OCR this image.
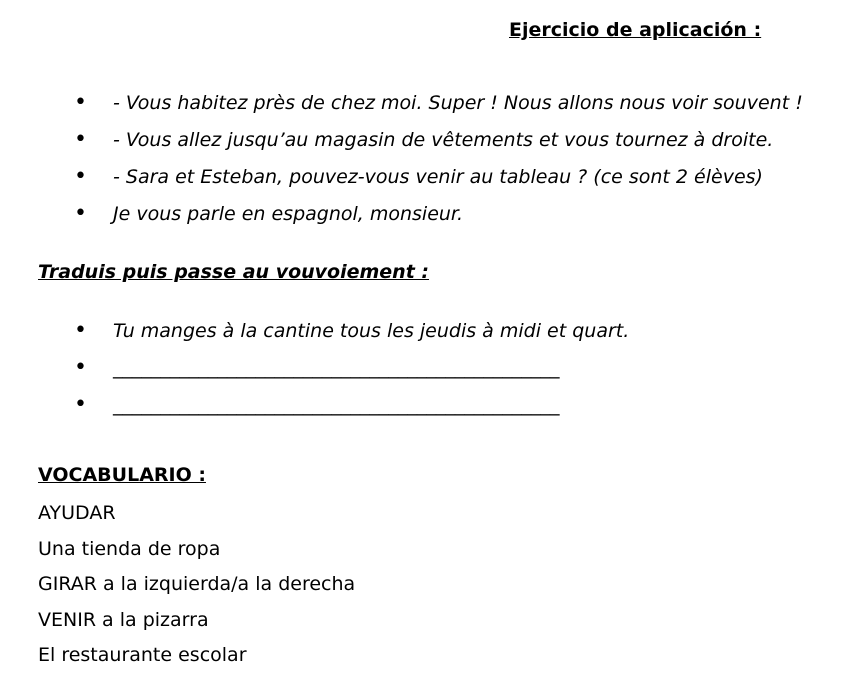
Ejercicio de aplicación :
• - Vous habitez près de chez moi. Super ! Nous allons nous voir souvent !
• - Vous allez jusqu’au magasin de vêtements et vous tournez à droite.
• - Sara et Esteban, pouvez-vous venir au tableau ? (ce sont 2 élèves)
• Je vous parle en espagnol, monsieur.
Traduis puis passe au vouvoiement :
• Tu manges à la cantine tous les jeudis à midi et quart.
• _______________________________________________
• _______________________________________________
VOCABULARIO :
AYUDAR
Una tienda de ropa
GIRAR a la izquierda/a la derecha
VENIR a la pizarra
El restaurante escolar
